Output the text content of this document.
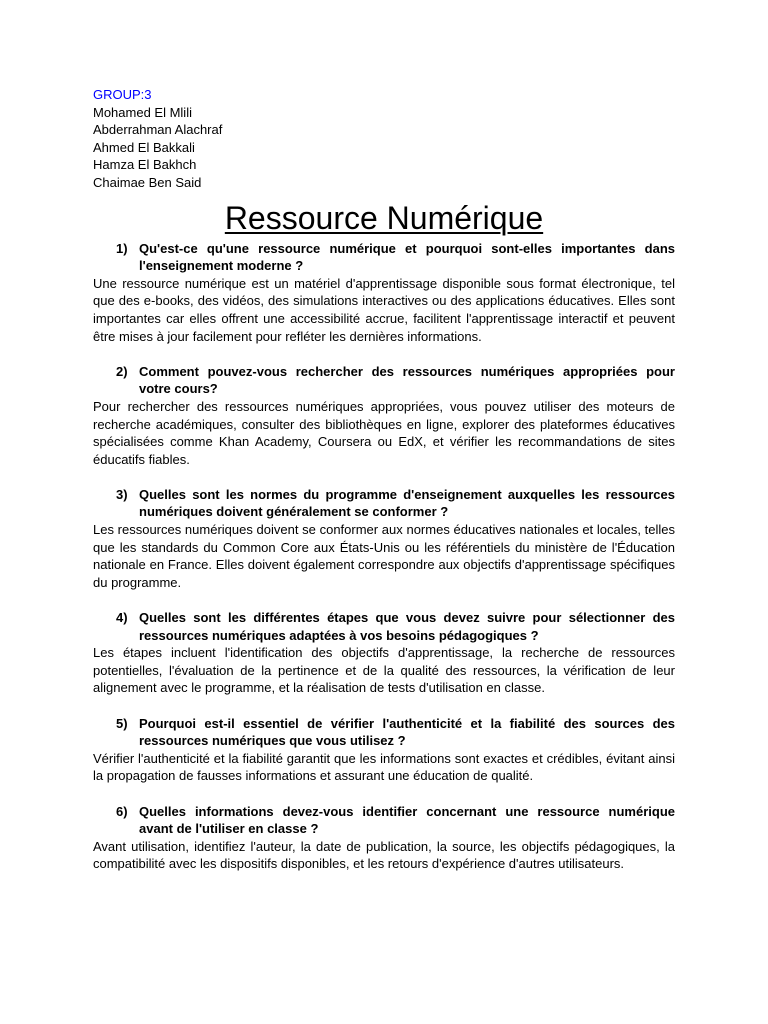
GROUP:3
Mohamed El Mlili
Abderrahman Alachraf
Ahmed El Bakkali
Hamza El Bakhch
Chaimae Ben Said
Ressource Numérique
1) Qu'est-ce qu'une ressource numérique et pourquoi sont-elles importantes dans l'enseignement moderne ?

Une ressource numérique est un matériel d'apprentissage disponible sous format électronique, tel que des e-books, des vidéos, des simulations interactives ou des applications éducatives. Elles sont importantes car elles offrent une accessibilité accrue, facilitent l'apprentissage interactif et peuvent être mises à jour facilement pour refléter les dernières informations.

2) Comment pouvez-vous rechercher des ressources numériques appropriées pour votre cours?

Pour rechercher des ressources numériques appropriées, vous pouvez utiliser des moteurs de recherche académiques, consulter des bibliothèques en ligne, explorer des plateformes éducatives spécialisées comme Khan Academy, Coursera ou EdX, et vérifier les recommandations de sites éducatifs fiables.

3) Quelles sont les normes du programme d'enseignement auxquelles les ressources numériques doivent généralement se conformer ?

Les ressources numériques doivent se conformer aux normes éducatives nationales et locales, telles que les standards du Common Core aux États-Unis ou les référentiels du ministère de l'Éducation nationale en France. Elles doivent également correspondre aux objectifs d'apprentissage spécifiques du programme.

4) Quelles sont les différentes étapes que vous devez suivre pour sélectionner des ressources numériques adaptées à vos besoins pédagogiques ?

Les étapes incluent l'identification des objectifs d'apprentissage, la recherche de ressources potentielles, l'évaluation de la pertinence et de la qualité des ressources, la vérification de leur alignement avec le programme, et la réalisation de tests d'utilisation en classe.

5) Pourquoi est-il essentiel de vérifier l'authenticité et la fiabilité des sources des ressources numériques que vous utilisez ?

Vérifier l'authenticité et la fiabilité garantit que les informations sont exactes et crédibles, évitant ainsi la propagation de fausses informations et assurant une éducation de qualité.

6) Quelles informations devez-vous identifier concernant une ressource numérique avant de l'utiliser en classe ?

Avant utilisation, identifiez l'auteur, la date de publication, la source, les objectifs pédagogiques, la compatibilité avec les dispositifs disponibles, et les retours d'expérience d'autres utilisateurs.
